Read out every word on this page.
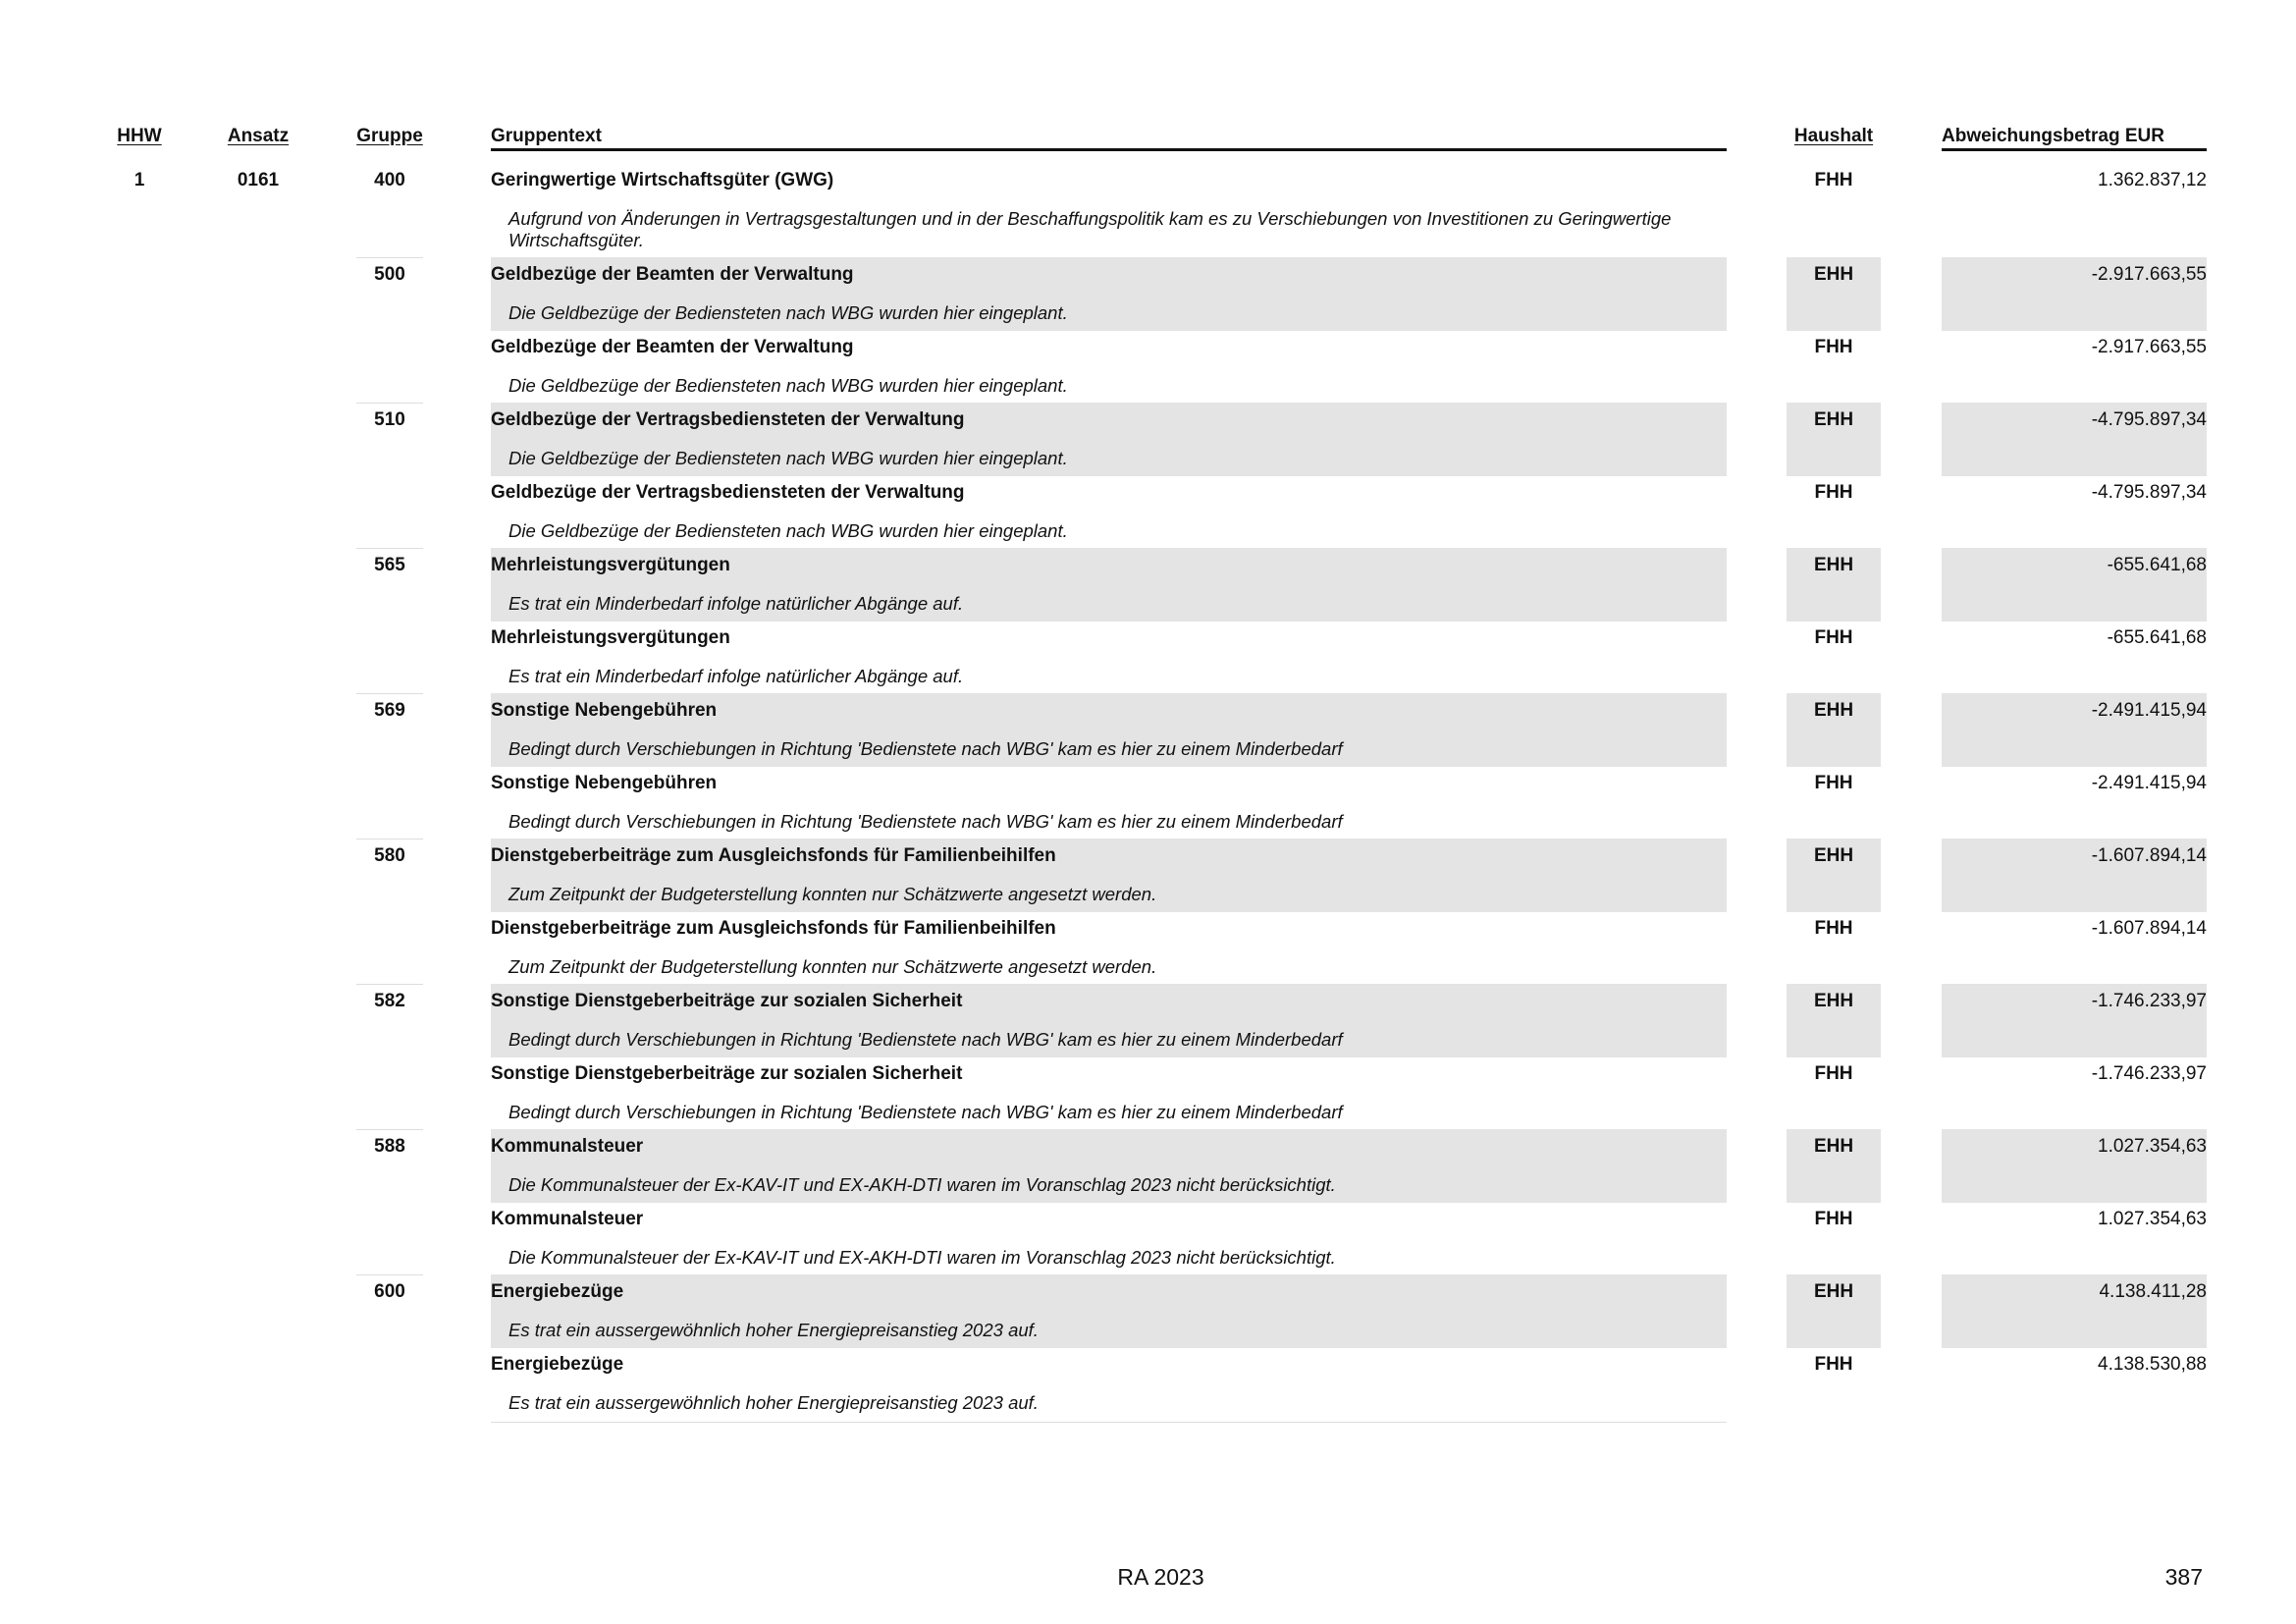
HHW	Ansatz	Gruppe	Gruppentext	Haushalt	Abweichungsbetrag EUR
1	0161	400	Geringwertige Wirtschaftsgüter (GWG)
Aufgrund von Änderungen in Vertragsgestaltungen und in der Beschaffungspolitik kam es zu Verschiebungen von Investitionen zu Geringwertige
Wirtschaftsgüter.
FHH	1.362.837,12
500	Geldbezüge der Beamten der Verwaltung
Die Geldbezüge der Bediensteten nach WBG wurden hier eingeplant.
EHH	-2.917.663,55
Geldbezüge der Beamten der Verwaltung
Die Geldbezüge der Bediensteten nach WBG wurden hier eingeplant.
FHH	-2.917.663,55
510	Geldbezüge der Vertragsbediensteten der Verwaltung
Die Geldbezüge der Bediensteten nach WBG wurden hier eingeplant.
EHH	-4.795.897,34
Geldbezüge der Vertragsbediensteten der Verwaltung
Die Geldbezüge der Bediensteten nach WBG wurden hier eingeplant.
FHH	-4.795.897,34
565	Mehrleistungsvergütungen
Es trat ein Minderbedarf infolge natürlicher Abgänge auf.
EHH	-655.641,68
Mehrleistungsvergütungen
Es trat ein Minderbedarf infolge natürlicher Abgänge auf.
FHH	-655.641,68
569	Sonstige Nebengebühren
Bedingt durch Verschiebungen in Richtung 'Bedienstete nach WBG' kam es hier zu einem Minderbedarf
EHH	-2.491.415,94
Sonstige Nebengebühren
Bedingt durch Verschiebungen in Richtung 'Bedienstete nach WBG' kam es hier zu einem Minderbedarf
FHH	-2.491.415,94
580	Dienstgeberbeiträge zum Ausgleichsfonds für Familienbeihilfen
Zum Zeitpunkt der Budgeterstellung konnten nur Schätzwerte angesetzt werden.
EHH	-1.607.894,14
Dienstgeberbeiträge zum Ausgleichsfonds für Familienbeihilfen
Zum Zeitpunkt der Budgeterstellung konnten nur Schätzwerte angesetzt werden.
FHH	-1.607.894,14
582	Sonstige Dienstgeberbeiträge zur sozialen Sicherheit
Bedingt durch Verschiebungen in Richtung 'Bedienstete nach WBG' kam es hier zu einem Minderbedarf
EHH	-1.746.233,97
Sonstige Dienstgeberbeiträge zur sozialen Sicherheit
Bedingt durch Verschiebungen in Richtung 'Bedienstete nach WBG' kam es hier zu einem Minderbedarf
FHH	-1.746.233,97
588	Kommunalsteuer
Die Kommunalsteuer der Ex-KAV-IT und EX-AKH-DTI waren im Voranschlag 2023 nicht berücksichtigt.
EHH	1.027.354,63
Kommunalsteuer
Die Kommunalsteuer der Ex-KAV-IT und EX-AKH-DTI waren im Voranschlag 2023 nicht berücksichtigt.
FHH	1.027.354,63
600	Energiebezüge
Es trat ein aussergewöhnlich hoher Energiepreisanstieg 2023 auf.
EHH	4.138.411,28
Energiebezüge
Es trat ein aussergewöhnlich hoher Energiepreisanstieg 2023 auf.
FHH	4.138.530,88
RA 2023	387
